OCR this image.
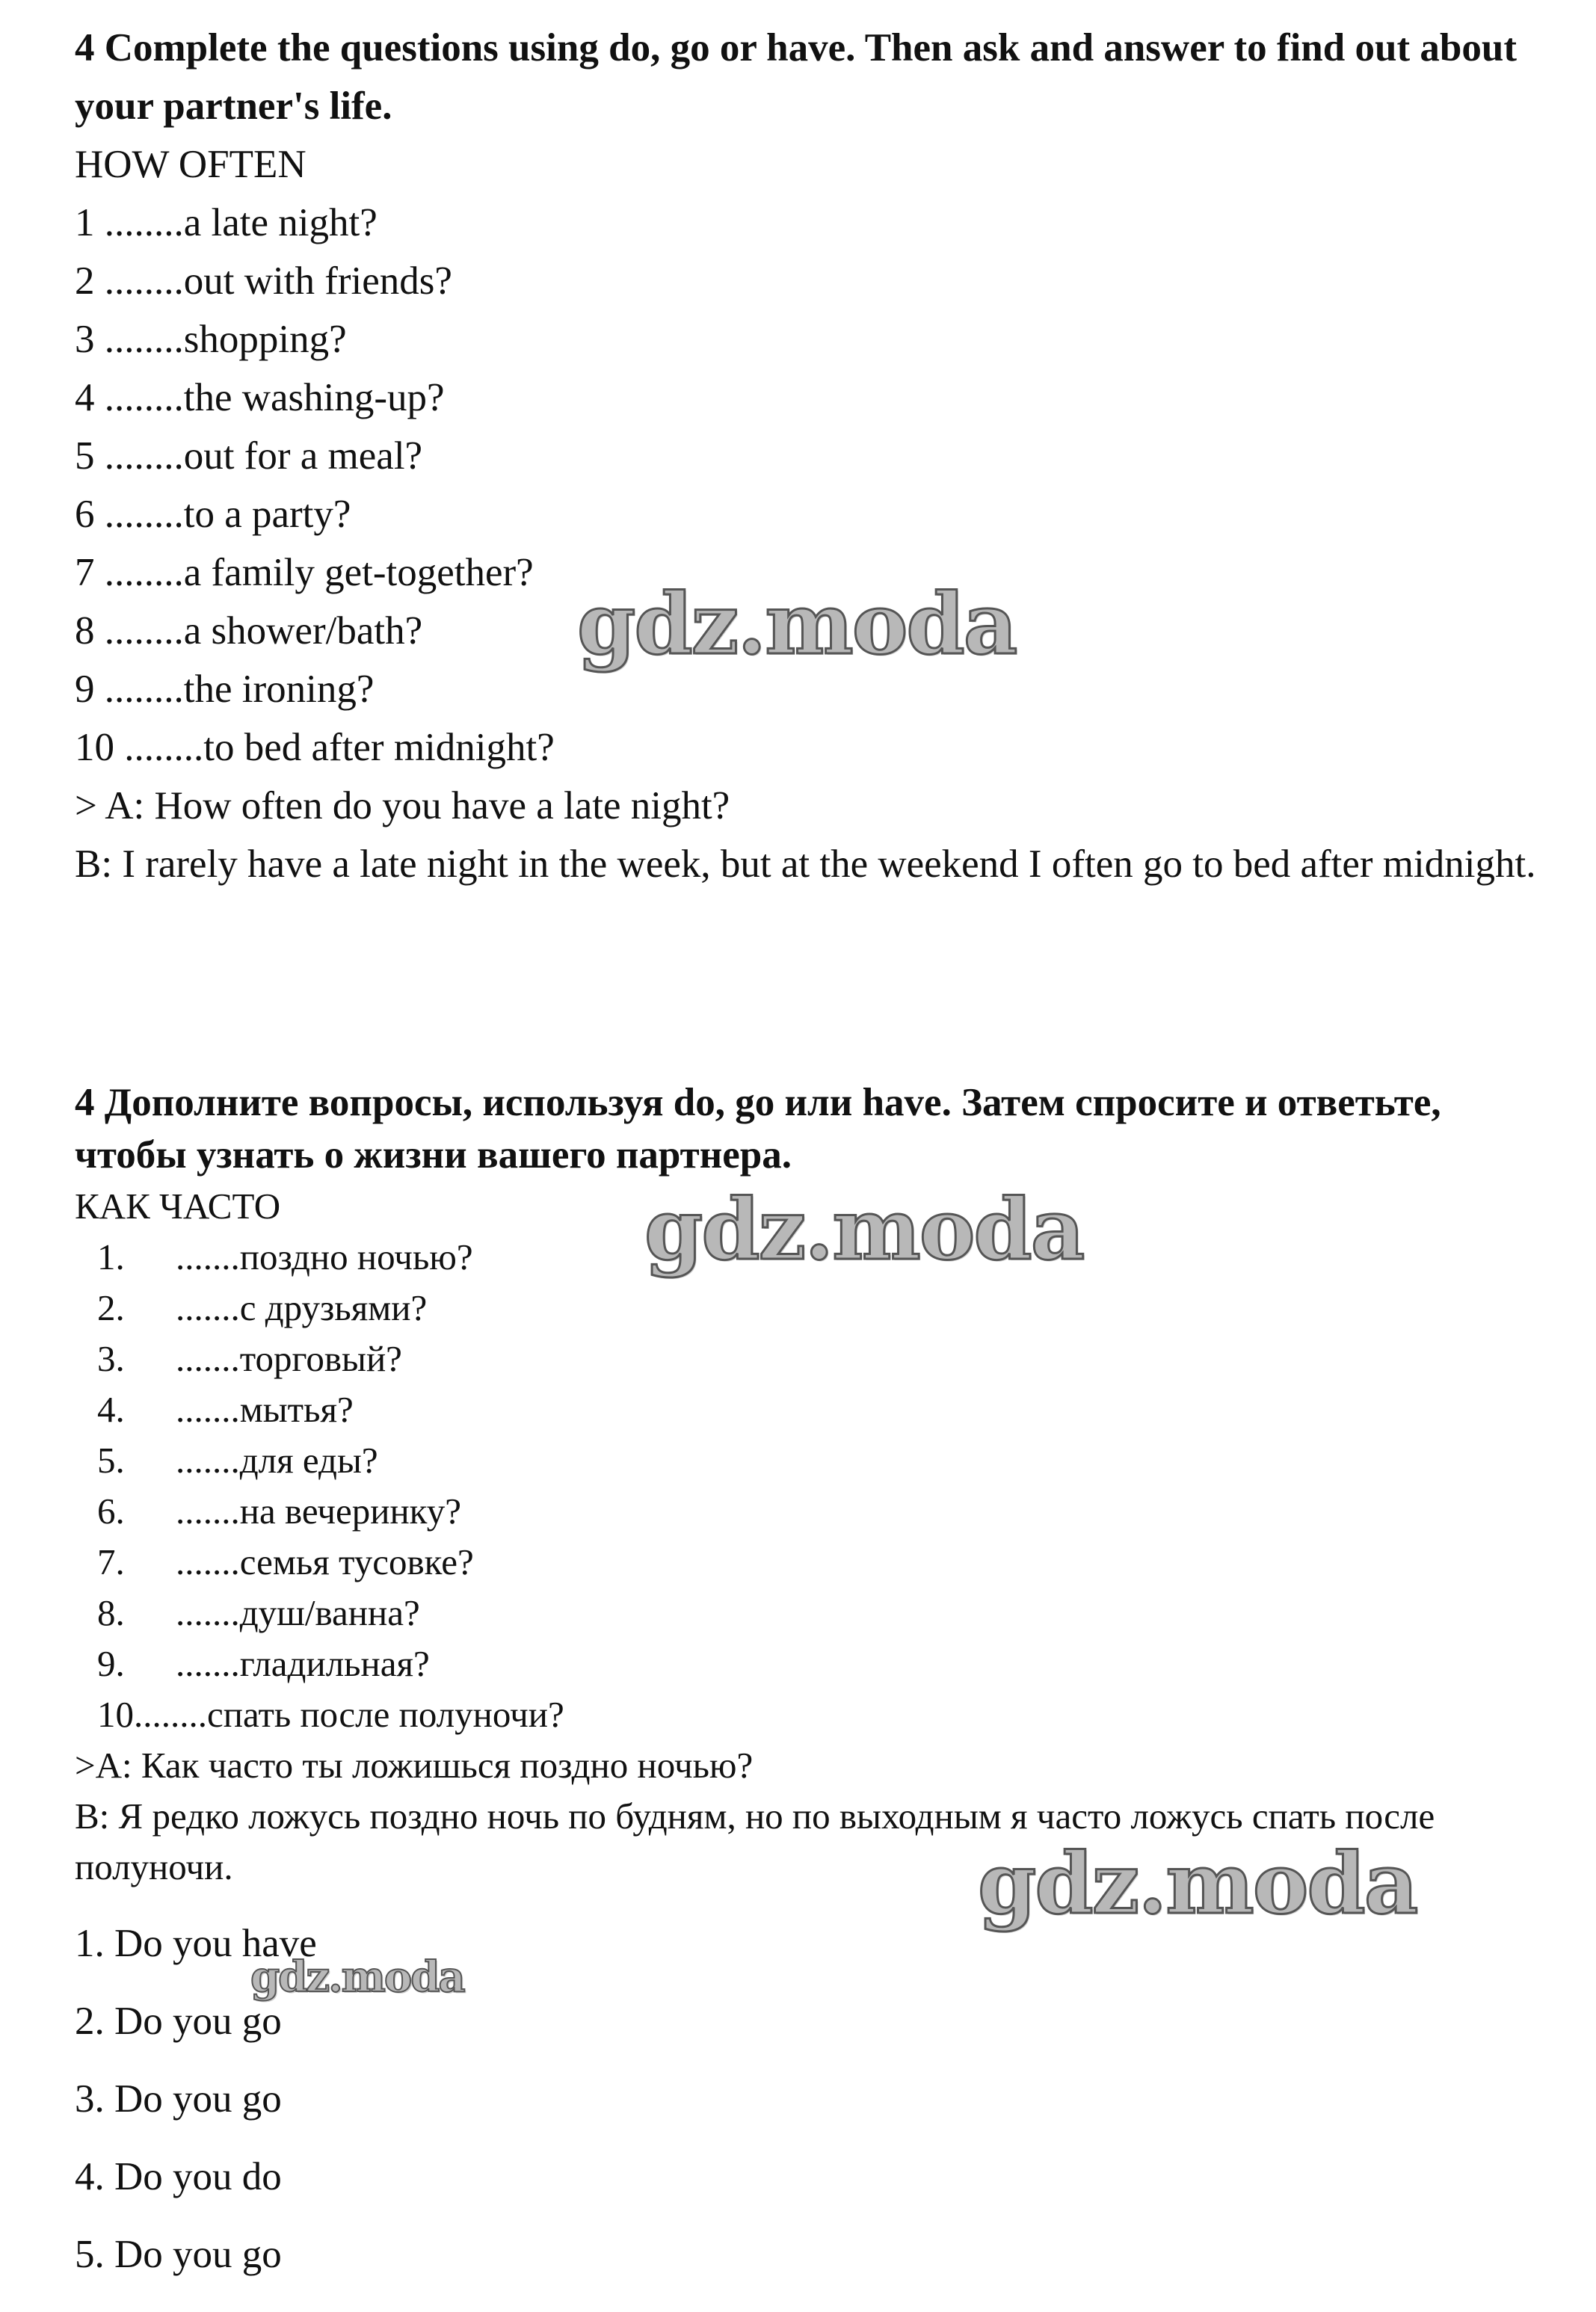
4 Complete the questions using do, go or have. Then ask and answer to find out about your partner's life.
HOW OFTEN
1 ........a late night?
2 ........out with friends?
3 ........shopping?
4 ........the washing-up?
5 ........out for a meal?
6 ........to a party?
7 ........a family get-together?
8 ........a shower/bath?
9 ........the ironing?
10 ........to bed after midnight?
> A: How often do you have a late night?
B: I rarely have a late night in the week, but at the weekend I often go to bed after midnight.
4 Дополните вопросы, используя do, go или have. Затем спросите и ответьте, чтобы узнать о жизни вашего партнера.
КАК ЧАСТО
1. .......поздно ночью?
2. .......с друзьями?
3. .......торговый?
4. .......мытья?
5. .......для еды?
6. .......на вечеринку?
7. .......семья тусовке?
8. .......душ/ванна?
9. .......гладильная?
10........спать после полуночи?
>А: Как часто ты ложишься поздно ночью?
В: Я редко ложусь поздно ночь по будням, но по выходным я часто ложусь спать после полуночи.
1. Do you have
2. Do you go
3. Do you go
4. Do you do
5. Do you go
gdz.moda
gdz.moda
gdz.moda
gdz.moda
